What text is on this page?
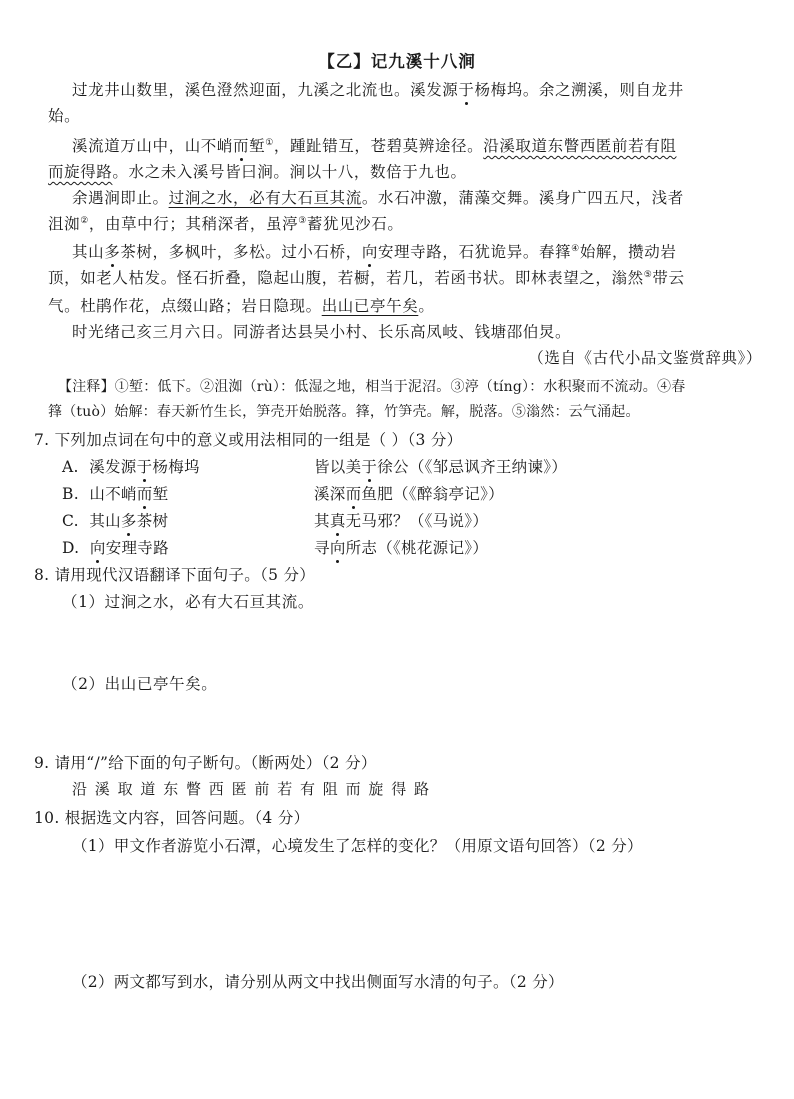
【乙】记九溪十八涧
过龙井山数里，溪色澄然迎面，九溪之北流也。溪发源于杨梅坞。余之溯溪，则自龙井
始。
溪流道万山中，山不峭而堑①，踵趾错互，苍碧莫辨途径。沿溪取道东瞥西匿前若有阻
而旋得路。水之未入溪号皆曰涧。涧以十八，数倍于九也。
余遇涧即止。过涧之水，必有大石亘其流。水石冲激，蒲藻交舞。溪身广四五尺，浅者
沮洳②，由草中行；其稍深者，虽渟③蓄犹见沙石。
其山多茶树，多枫叶，多松。过小石桥，向安理寺路，石犹诡异。春箨④始解，攒动岩
顶，如老人枯发。怪石折叠，隐起山腹，若橱，若几，若函书状。即林表望之，滃然⑤带云
气。杜鹃作花，点缀山路；岩日隐现。出山已亭午矣。
时光绪己亥三月六日。同游者达县吴小村、长乐高凤岐、钱塘邵伯炅。
（选自《古代小品文鉴赏辞典》）
【注释】①堑：低下。②沮洳（rù）：低湿之地，相当于泥沼。③渟（tíng）：水积聚而不流动。④春
箨（tuò）始解：春天新竹生长，笋壳开始脱落。箨，竹笋壳。解，脱落。⑤滃然：云气涌起。
7. 下列加点词在句中的意义或用法相同的一组是（ ）（3 分）
A. 溪发源于杨梅坞	皆以美于徐公（《邹忌讽齐王纳谏》）
B. 山不峭而堑	溪深而鱼肥（《醉翁亭记》）
C. 其山多茶树	其真无马邪？（《马说》）
D. 向安理寺路	寻向所志（《桃花源记》）
8. 请用现代汉语翻译下面句子。（5 分）
（1）过涧之水，必有大石亘其流。
（2）出山已亭午矣。
9. 请用“/”给下面的句子断句。（断两处）（2 分）
沿溪取道东瞥西匿前若有阻而旋得路
10. 根据选文内容，回答问题。（4 分）
（1）甲文作者游览小石潭，心境发生了怎样的变化？（用原文语句回答）（2 分）
（2）两文都写到水，请分别从两文中找出侧面写水清的句子。（2 分）
